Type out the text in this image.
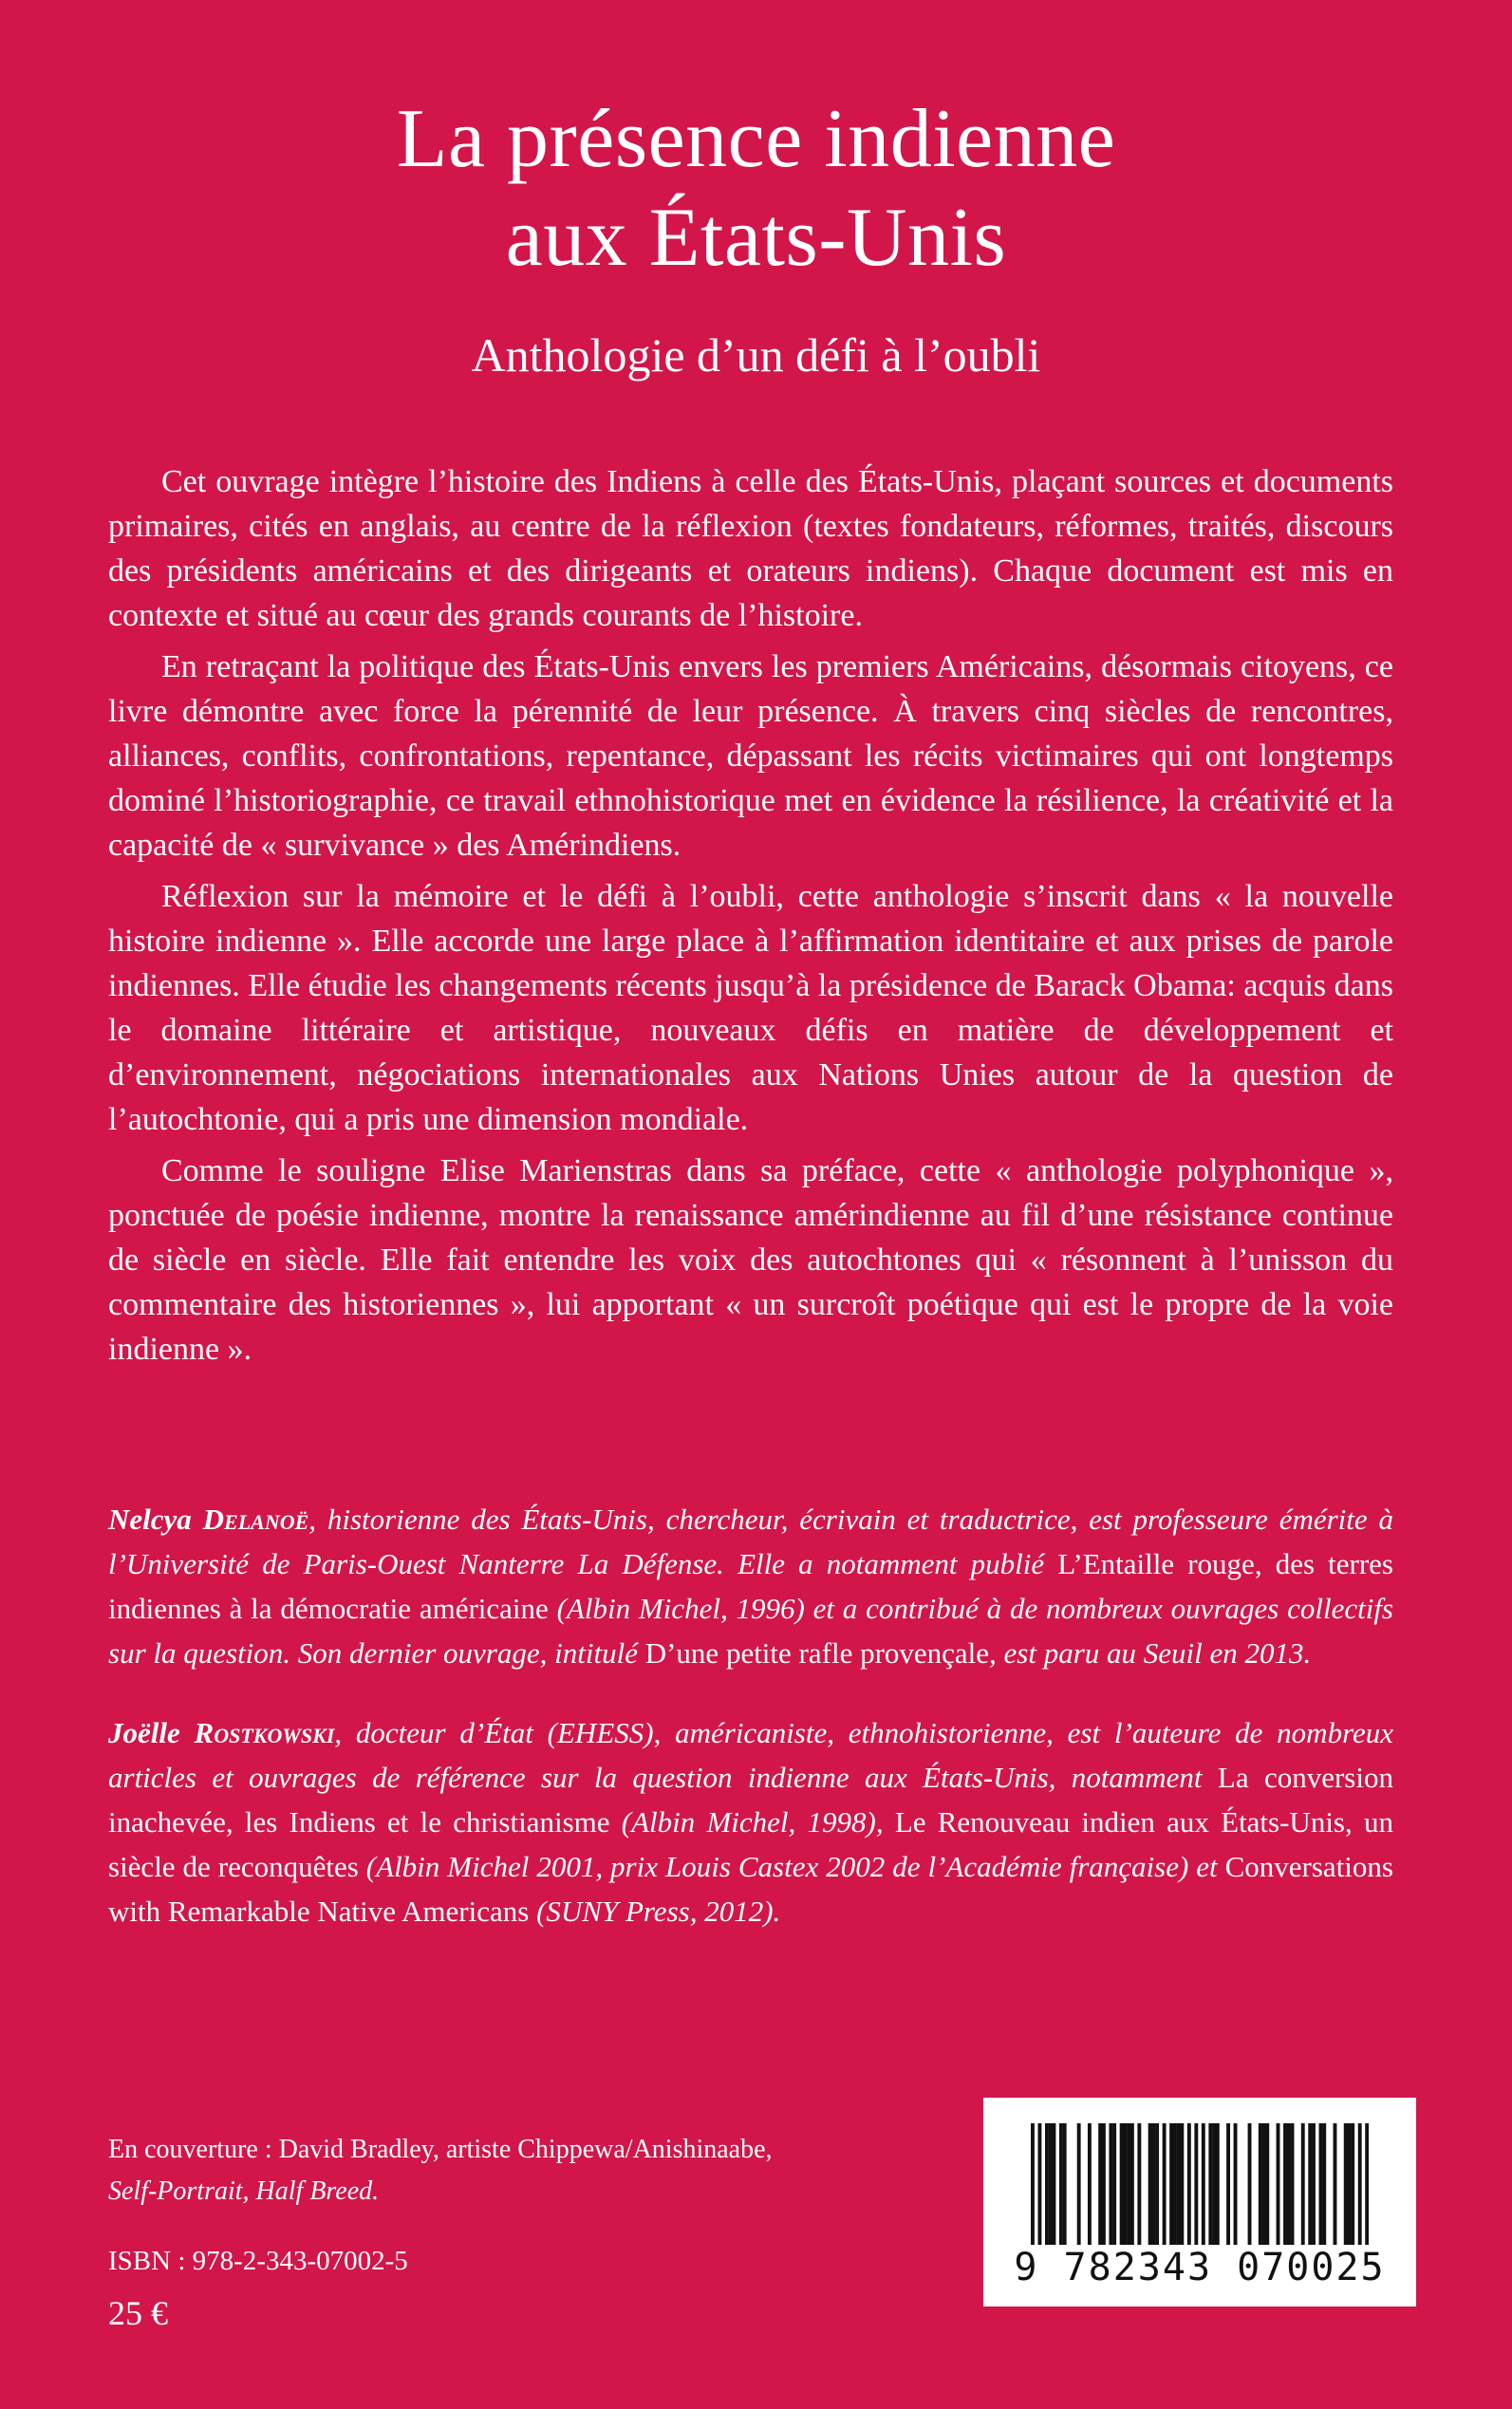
La présence indienne
aux États-Unis
Anthologie d’un défi à l’oubli

Cet ouvrage intègre l’histoire des Indiens à celle des États-Unis, plaçant sources et documents primaires, cités en anglais, au centre de la réflexion (textes fondateurs, réformes, traités, discours des présidents américains et des dirigeants et orateurs indiens). Chaque document est mis en contexte et situé au cœur des grands courants de l’histoire.

En retraçant la politique des États-Unis envers les premiers Américains, désormais citoyens, ce livre démontre avec force la pérennité de leur présence. À travers cinq siècles de rencontres, alliances, conflits, confrontations, repentance, dépassant les récits victimaires qui ont longtemps dominé l’historiographie, ce travail ethnohistorique met en évidence la résilience, la créativité et la capacité de « survivance » des Amérindiens.

Réflexion sur la mémoire et le défi à l’oubli, cette anthologie s’inscrit dans « la nouvelle histoire indienne ». Elle accorde une large place à l’affirmation identitaire et aux prises de parole indiennes. Elle étudie les changements récents jusqu’à la présidence de Barack Obama: acquis dans le domaine littéraire et artistique, nouveaux défis en matière de développement et d’environnement, négociations internationales aux Nations Unies autour de la question de l’autochtonie, qui a pris une dimension mondiale.

Comme le souligne Elise Marienstras dans sa préface, cette « anthologie polyphonique », ponctuée de poésie indienne, montre la renaissance amérindienne au fil d’une résistance continue de siècle en siècle. Elle fait entendre les voix des autochtones qui « résonnent à l’unisson du commentaire des historiennes », lui apportant « un surcroît poétique qui est le propre de la voie indienne ».

Nelcya Delanoë, historienne des États-Unis, chercheur, écrivain et traductrice, est professeure émérite à l’Université de Paris-Ouest Nanterre La Défense. Elle a notamment publié L’Entaille rouge, des terres indiennes à la démocratie américaine (Albin Michel, 1996) et a contribué à de nombreux ouvrages collectifs sur la question. Son dernier ouvrage, intitulé D’une petite rafle provençale, est paru au Seuil en 2013.
Joëlle Rostkowski, docteur d’État (EHESS), américaniste, ethnohistorienne, est l’auteure de nombreux articles et ouvrages de référence sur la question indienne aux États-Unis, notamment La conversion inachevée, les Indiens et le christianisme (Albin Michel, 1998), Le Renouveau indien aux États-Unis, un siècle de reconquêtes (Albin Michel 2001, prix Louis Castex 2002 de l’Académie française) et Conversations with Remarkable Native Americans (SUNY Press, 2012).
En couverture : David Bradley, artiste Chippewa/Anishinaabe,
Self-Portrait, Half Breed.
ISBN : 978-2-343-07002-5
25 €
9 782343 070025
